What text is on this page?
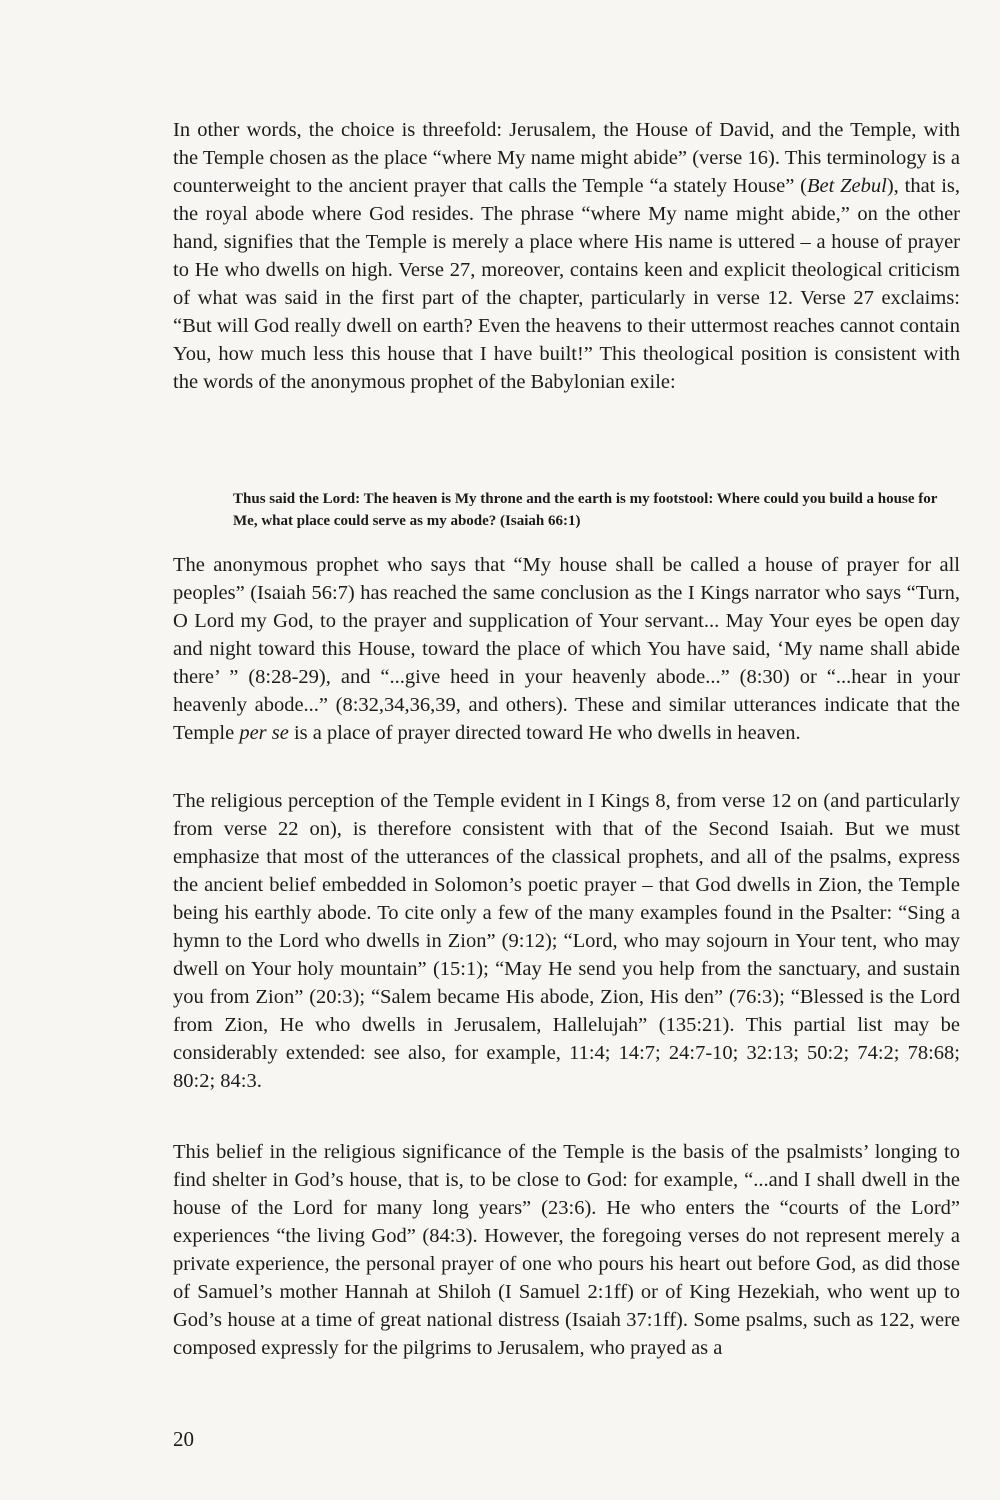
In other words, the choice is threefold: Jerusalem, the House of David, and the Temple, with the Temple chosen as the place “where My name might abide” (verse 16). This terminology is a counterweight to the ancient prayer that calls the Temple “a stately House” (Bet Zebul), that is, the royal abode where God resides. The phrase “where My name might abide,” on the other hand, signifies that the Temple is merely a place where His name is uttered – a house of prayer to He who dwells on high. Verse 27, moreover, contains keen and explicit theological criticism of what was said in the first part of the chapter, particularly in verse 12. Verse 27 exclaims: “But will God really dwell on earth? Even the heavens to their uttermost reaches cannot contain You, how much less this house that I have built!” This theological position is consistent with the words of the anonymous prophet of the Babylonian exile:

Thus said the Lord: The heaven is My throne and the earth is my footstool: Where could you build a house for Me, what place could serve as my abode? (Isaiah 66:1)

The anonymous prophet who says that “My house shall be called a house of prayer for all peoples” (Isaiah 56:7) has reached the same conclusion as the I Kings narrator who says “Turn, O Lord my God, to the prayer and supplication of Your servant... May Your eyes be open day and night toward this House, toward the place of which You have said, ‘My name shall abide there’ ” (8:28-29), and “...give heed in your heavenly abode...” (8:30) or “...hear in your heavenly abode...” (8:32,34,36,39, and others). These and similar utterances indicate that the Temple per se is a place of prayer directed toward He who dwells in heaven.

The religious perception of the Temple evident in I Kings 8, from verse 12 on (and particularly from verse 22 on), is therefore consistent with that of the Second Isaiah. But we must emphasize that most of the utterances of the classical prophets, and all of the psalms, express the ancient belief embedded in Solomon’s poetic prayer – that God dwells in Zion, the Temple being his earthly abode. To cite only a few of the many examples found in the Psalter: “Sing a hymn to the Lord who dwells in Zion” (9:12); “Lord, who may sojourn in Your tent, who may dwell on Your holy mountain” (15:1); “May He send you help from the sanctuary, and sustain you from Zion” (20:3); “Salem became His abode, Zion, His den” (76:3); “Blessed is the Lord from Zion, He who dwells in Jerusalem, Hallelujah” (135:21). This partial list may be considerably extended: see also, for example, 11:4; 14:7; 24:7-10; 32:13; 50:2; 74:2; 78:68; 80:2; 84:3.

This belief in the religious significance of the Temple is the basis of the psalmists’ longing to find shelter in God’s house, that is, to be close to God: for example, “...and I shall dwell in the house of the Lord for many long years” (23:6). He who enters the “courts of the Lord” experiences “the living God” (84:3). However, the foregoing verses do not represent merely a private experience, the personal prayer of one who pours his heart out before God, as did those of Samuel’s mother Hannah at Shiloh (I Samuel 2:1ff) or of King Hezekiah, who went up to God’s house at a time of great national distress (Isaiah 37:1ff). Some psalms, such as 122, were composed expressly for the pilgrims to Jerusalem, who prayed as a

20
